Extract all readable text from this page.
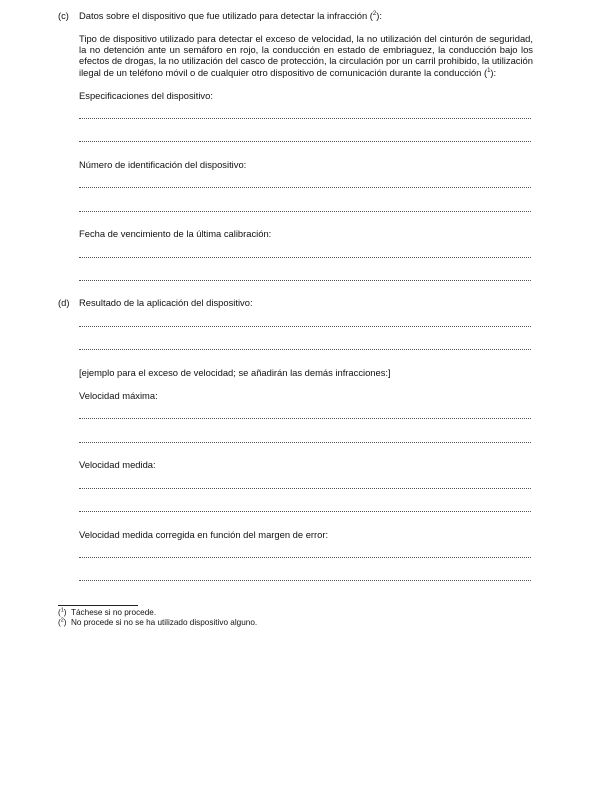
(c) Datos sobre el dispositivo que fue utilizado para detectar la infracción ($^2$):
Tipo de dispositivo utilizado para detectar el exceso de velocidad, la no utilización del cinturón de seguridad, la no detención ante un semáforo en rojo, la conducción en estado de embriaguez, la conducción bajo los efectos de drogas, la no utilización del casco de protección, la circulación por un carril prohibido, la utilización ilegal de un teléfono móvil o de cualquier otro dispositivo de comunicación durante la conducción ($^1$):
Especificaciones del dispositivo:
Número de identificación del dispositivo:
Fecha de vencimiento de la última calibración:
(d) Resultado de la aplicación del dispositivo:
[ejemplo para el exceso de velocidad; se añadirán las demás infracciones:]
Velocidad máxima:
Velocidad medida:
Velocidad medida corregida en función del margen de error:
($^1$) Táchese si no procede.
($^2$) No procede si no se ha utilizado dispositivo alguno.
